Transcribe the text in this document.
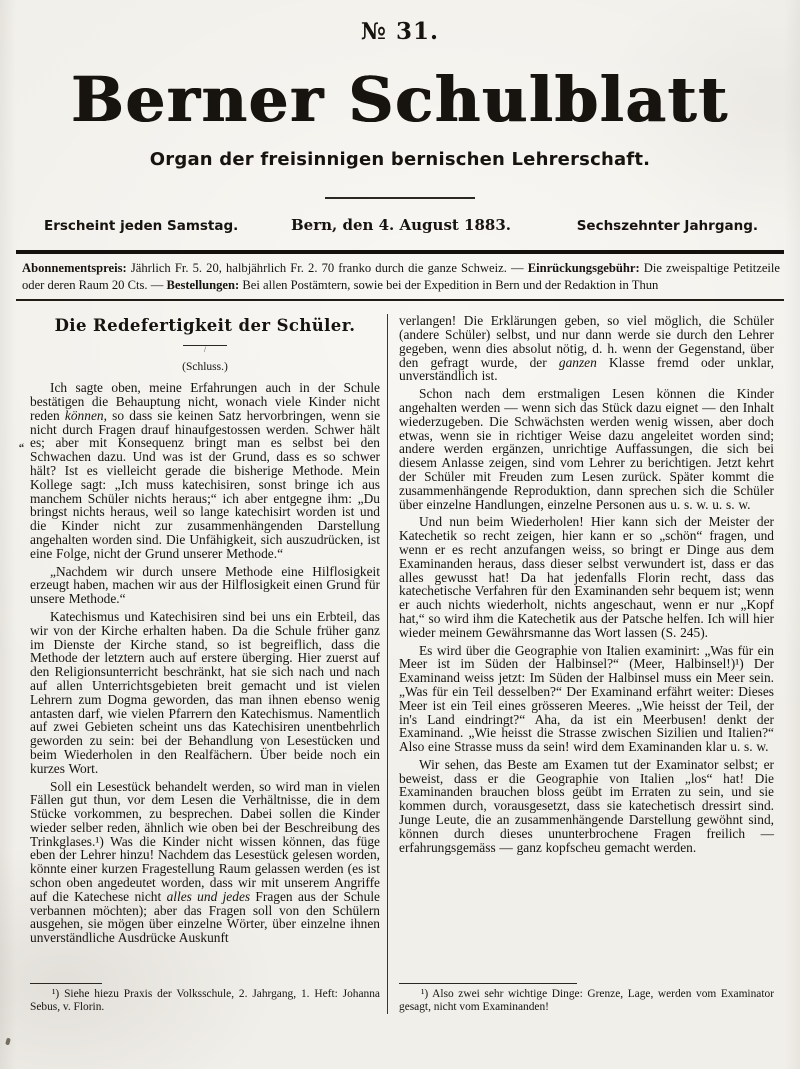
№ 31.
Berner Schulblatt
Organ der freisinnigen bernischen Lehrerschaft.
Erscheint jeden Samstag.	Bern, den 4. August 1883.	Sechszehnter Jahrgang.
Abonnementspreis: Jährlich Fr. 5. 20, halbjährlich Fr. 2. 70 franko durch die ganze Schweiz. — Einrückungsgebühr: Die zweispaltige Petitzeile oder deren Raum 20 Cts. — Bestellungen: Bei allen Postämtern, sowie bei der Expedition in Bern und der Redaktion in Thun
Die Redefertigkeit der Schüler.
/
(Schluss.)

Ich sagte oben, meine Erfahrungen auch in der Schule bestätigen die Behauptung nicht, wonach viele Kinder nicht reden können, so dass sie keinen Satz hervorbringen, wenn sie nicht durch Fragen drauf hinaufgestossen werden. Schwer hält es; aber mit Konsequenz bringt man es selbst bei den Schwachen dazu. Und was ist der Grund, dass es so schwer hält? Ist es vielleicht gerade die bisherige Methode. Mein Kollege sagt: „Ich muss katechisiren, sonst bringe ich aus manchem Schüler nichts heraus;“ ich aber entgegne ihm: „Du bringst nichts heraus, weil so lange katechisirt worden ist und die Kinder nicht zur zusammenhängenden Darstellung angehalten worden sind. Die Unfähigkeit, sich auszudrücken, ist eine Folge, nicht der Grund unserer Methode.“

„Nachdem wir durch unsere Methode eine Hilflosigkeit erzeugt haben, machen wir aus der Hilflosigkeit einen Grund für unsere Methode.“

Katechismus und Katechisiren sind bei uns ein Erbteil, das wir von der Kirche erhalten haben. Da die Schule früher ganz im Dienste der Kirche stand, so ist begreiflich, dass die Methode der letztern auch auf erstere überging. Hier zuerst auf den Religionsunterricht beschränkt, hat sie sich nach und nach auf allen Unterrichtsgebieten breit gemacht und ist vielen Lehrern zum Dogma geworden, das man ihnen ebenso wenig antasten darf, wie vielen Pfarrern den Katechismus. Namentlich auf zwei Gebieten scheint uns das Katechisiren unentbehrlich geworden zu sein: bei der Behandlung von Lesestücken und beim Wiederholen in den Realfächern. Über beide noch ein kurzes Wort.

Soll ein Lesestück behandelt werden, so wird man in vielen Fällen gut thun, vor dem Lesen die Verhältnisse, die in dem Stücke vorkommen, zu besprechen. Dabei sollen die Kinder wieder selber reden, ähnlich wie oben bei der Beschreibung des Trinkglases.¹) Was die Kinder nicht wissen können, das füge eben der Lehrer hinzu! Nachdem das Lesestück gelesen worden, könnte einer kurzen Fragestellung Raum gelassen werden (es ist schon oben angedeutet worden, dass wir mit unserem Angriffe auf die Katechese nicht alles und jedes Fragen aus der Schule verbannen möchten); aber das Fragen soll von den Schülern ausgehen, sie mögen über einzelne Wörter, über einzelne ihnen unverständliche Ausdrücke Auskunft

¹) Siehe hiezu Praxis der Volksschule, 2. Jahrgang, 1. Heft: Johanna Sebus, v. Florin.

verlangen! Die Erklärungen geben, so viel möglich, die Schüler (andere Schüler) selbst, und nur dann werde sie durch den Lehrer gegeben, wenn dies absolut nötig, d. h. wenn der Gegenstand, über den gefragt wurde, der ganzen Klasse fremd oder unklar, unverständlich ist.

Schon nach dem erstmaligen Lesen können die Kinder angehalten werden — wenn sich das Stück dazu eignet — den Inhalt wiederzugeben. Die Schwächsten werden wenig wissen, aber doch etwas, wenn sie in richtiger Weise dazu angeleitet worden sind; andere werden ergänzen, unrichtige Auffassungen, die sich bei diesem Anlasse zeigen, sind vom Lehrer zu berichtigen. Jetzt kehrt der Schüler mit Freuden zum Lesen zurück. Später kommt die zusammenhängende Reproduktion, dann sprechen sich die Schüler über einzelne Handlungen, einzelne Personen aus u. s. w. u. s. w.

Und nun beim Wiederholen! Hier kann sich der Meister der Katechetik so recht zeigen, hier kann er so „schön“ fragen, und wenn er es recht anzufangen weiss, so bringt er Dinge aus dem Examinanden heraus, dass dieser selbst verwundert ist, dass er das alles gewusst hat! Da hat jedenfalls Florin recht, dass das katechetische Verfahren für den Examinanden sehr bequem ist; wenn er auch nichts wiederholt, nichts angeschaut, wenn er nur „Kopf hat,“ so wird ihm die Katechetik aus der Patsche helfen. Ich will hier wieder meinem Gewährsmanne das Wort lassen (S. 245).

Es wird über die Geographie von Italien examinirt: „Was für ein Meer ist im Süden der Halbinsel?“ (Meer, Halbinsel!)¹) Der Examinand weiss jetzt: Im Süden der Halbinsel muss ein Meer sein. „Was für ein Teil desselben?“ Der Examinand erfährt weiter: Dieses Meer ist ein Teil eines grösseren Meeres. „Wie heisst der Teil, der in's Land eindringt?“ Aha, da ist ein Meerbusen! denkt der Examinand. „Wie heisst die Strasse zwischen Sizilien und Italien?“ Also eine Strasse muss da sein! wird dem Examinanden klar u. s. w.

Wir sehen, das Beste am Examen tut der Examinator selbst; er beweist, dass er die Geographie von Italien „los“ hat! Die Examinanden brauchen bloss geübt im Erraten zu sein, und sie kommen durch, vorausgesetzt, dass sie katechetisch dressirt sind. Junge Leute, die an zusammenhängende Darstellung gewöhnt sind, können durch dieses ununterbrochene Fragen freilich — erfahrungsgemäss — ganz kopfscheu gemacht werden.

¹) Also zwei sehr wichtige Dinge: Grenze, Lage, werden vom Examinator gesagt, nicht vom Examinanden!
“
